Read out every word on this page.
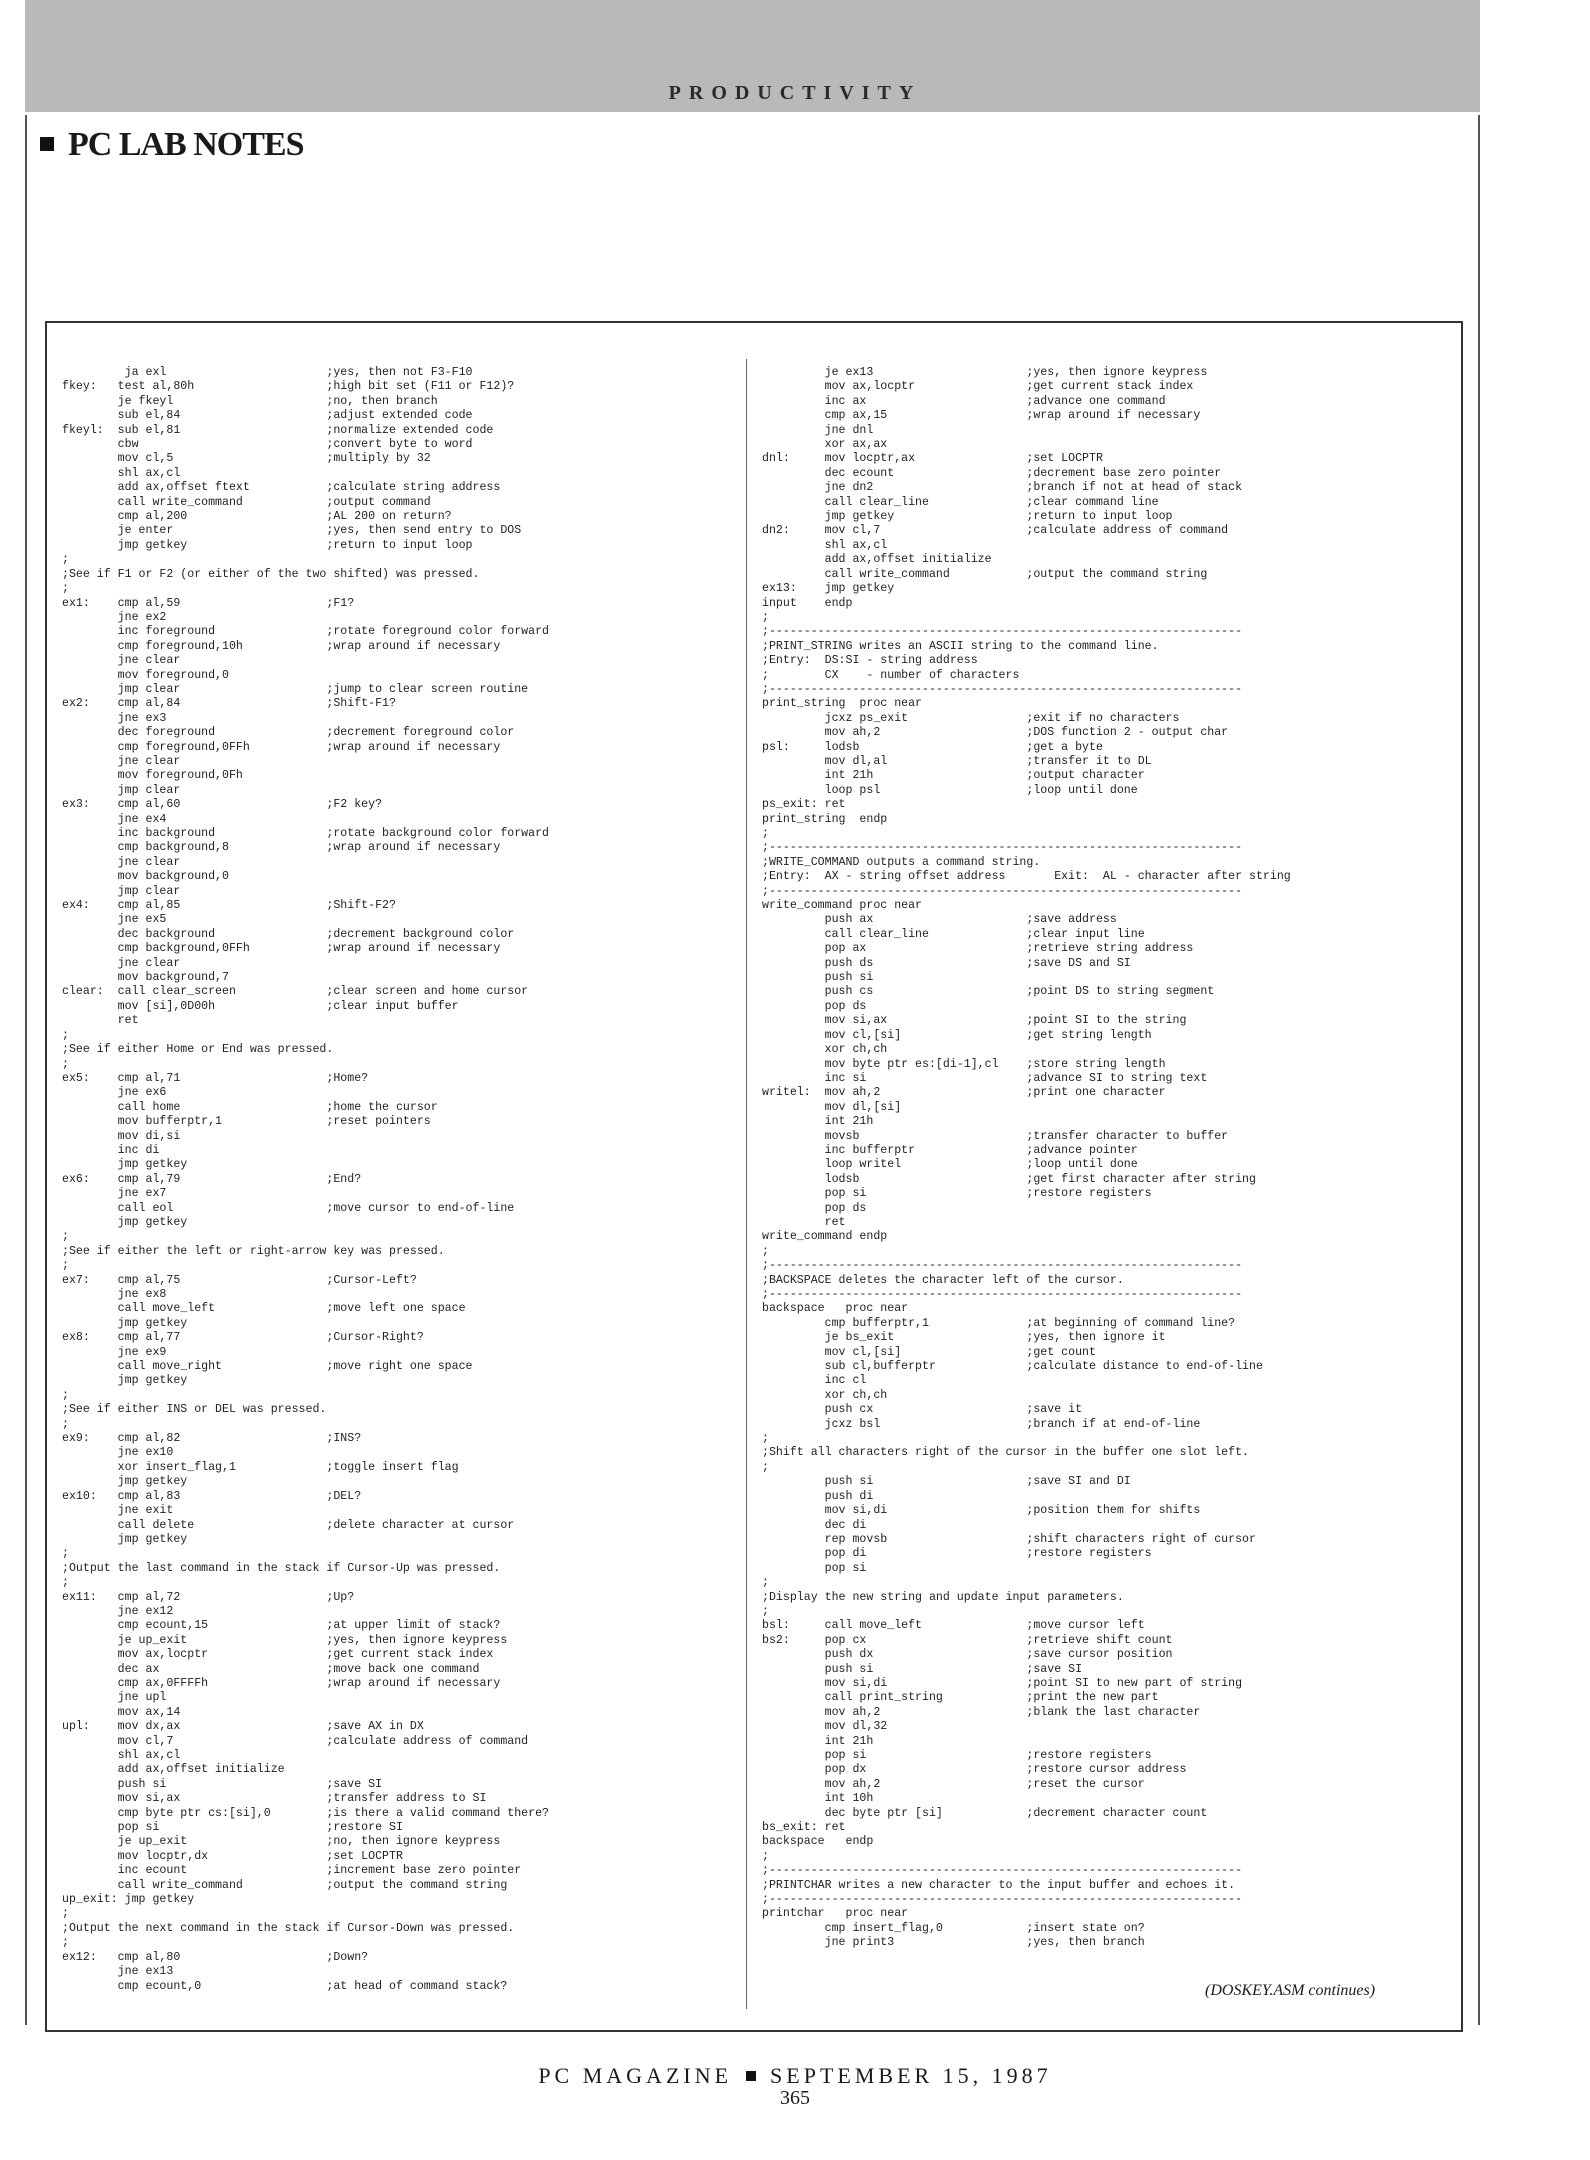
PRODUCTIVITY
PC LAB NOTES
ja exl                       ;yes, then not F3-F10
fkey:   test al,80h                   ;high bit set (F11 or F12)?
je fkeyl                      ;no, then branch
sub el,84                     ;adjust extended code
fkeyl:  sub el,81                     ;normalize extended code
cbw                           ;convert byte to word
mov cl,5                      ;multiply by 32
shl ax,cl
add ax,offset ftext           ;calculate string address
call write_command            ;output command
cmp al,200                    ;AL 200 on return?
je enter                      ;yes, then send entry to DOS
jmp getkey                    ;return to input loop
;
;See if F1 or F2 (or either of the two shifted) was pressed.
;
ex1:    cmp al,59                     ;F1?
jne ex2
inc foreground                ;rotate foreground color forward
cmp foreground,10h            ;wrap around if necessary
jne clear
mov foreground,0
jmp clear                     ;jump to clear screen routine
ex2:    cmp al,84                     ;Shift-F1?
jne ex3
dec foreground                ;decrement foreground color
cmp foreground,0FFh           ;wrap around if necessary
jne clear
mov foreground,0Fh
jmp clear
ex3:    cmp al,60                     ;F2 key?
jne ex4
inc background                ;rotate background color forward
cmp background,8              ;wrap around if necessary
jne clear
mov background,0
jmp clear
ex4:    cmp al,85                     ;Shift-F2?
jne ex5
dec background                ;decrement background color
cmp background,0FFh           ;wrap around if necessary
jne clear
mov background,7
clear:  call clear_screen             ;clear screen and home cursor
mov [si],0D00h                ;clear input buffer
ret
;
;See if either Home or End was pressed.
;
ex5:    cmp al,71                     ;Home?
jne ex6
call home                     ;home the cursor
mov bufferptr,1               ;reset pointers
mov di,si
inc di
jmp getkey
ex6:    cmp al,79                     ;End?
jne ex7
call eol                      ;move cursor to end-of-line
jmp getkey
;
;See if either the left or right-arrow key was pressed.
;
ex7:    cmp al,75                     ;Cursor-Left?
jne ex8
call move_left                ;move left one space
jmp getkey
ex8:    cmp al,77                     ;Cursor-Right?
jne ex9
call move_right               ;move right one space
jmp getkey
;
;See if either INS or DEL was pressed.
;
ex9:    cmp al,82                     ;INS?
jne ex10
xor insert_flag,1             ;toggle insert flag
jmp getkey
ex10:   cmp al,83                     ;DEL?
jne exit
call delete                   ;delete character at cursor
jmp getkey
;
;Output the last command in the stack if Cursor-Up was pressed.
;
ex11:   cmp al,72                     ;Up?
jne ex12
cmp ecount,15                 ;at upper limit of stack?
je up_exit                    ;yes, then ignore keypress
mov ax,locptr                 ;get current stack index
dec ax                        ;move back one command
cmp ax,0FFFFh                 ;wrap around if necessary
jne upl
mov ax,14
upl:    mov dx,ax                     ;save AX in DX
mov cl,7                      ;calculate address of command
shl ax,cl
add ax,offset initialize
push si                       ;save SI
mov si,ax                     ;transfer address to SI
cmp byte ptr cs:[si],0        ;is there a valid command there?
pop si                        ;restore SI
je up_exit                    ;no, then ignore keypress
mov locptr,dx                 ;set LOCPTR
inc ecount                    ;increment base zero pointer
call write_command            ;output the command string
up_exit: jmp getkey
;
;Output the next command in the stack if Cursor-Down was pressed.
;
ex12:   cmp al,80                     ;Down?
jne ex13
cmp ecount,0                  ;at head of command stack?
je ex13                      ;yes, then ignore keypress
mov ax,locptr                ;get current stack index
inc ax                       ;advance one command
cmp ax,15                    ;wrap around if necessary
jne dnl
xor ax,ax
dnl:     mov locptr,ax                ;set LOCPTR
dec ecount                   ;decrement base zero pointer
jne dn2                      ;branch if not at head of stack
call clear_line              ;clear command line
jmp getkey                   ;return to input loop
dn2:     mov cl,7                     ;calculate address of command
shl ax,cl
add ax,offset initialize
call write_command           ;output the command string
ex13:    jmp getkey
input    endp
;
;--------------------------------------------------------------------
;PRINT_STRING writes an ASCII string to the command line.
;Entry:  DS:SI - string address
;        CX    - number of characters
;--------------------------------------------------------------------
print_string  proc near
jcxz ps_exit                 ;exit if no characters
mov ah,2                     ;DOS function 2 - output char
psl:     lodsb                        ;get a byte
mov dl,al                    ;transfer it to DL
int 21h                      ;output character
loop psl                     ;loop until done
ps_exit: ret
print_string  endp
;
;--------------------------------------------------------------------
;WRITE_COMMAND outputs a command string.
;Entry:  AX - string offset address       Exit:  AL - character after string
;--------------------------------------------------------------------
write_command proc near
push ax                      ;save address
call clear_line              ;clear input line
pop ax                       ;retrieve string address
push ds                      ;save DS and SI
push si
push cs                      ;point DS to string segment
pop ds
mov si,ax                    ;point SI to the string
mov cl,[si]                  ;get string length
xor ch,ch
mov byte ptr es:[di-1],cl    ;store string length
inc si                       ;advance SI to string text
writel:  mov ah,2                     ;print one character
mov dl,[si]
int 21h
movsb                        ;transfer character to buffer
inc bufferptr                ;advance pointer
loop writel                  ;loop until done
lodsb                        ;get first character after string
pop si                       ;restore registers
pop ds
ret
write_command endp
;
;--------------------------------------------------------------------
;BACKSPACE deletes the character left of the cursor.
;--------------------------------------------------------------------
backspace   proc near
cmp bufferptr,1              ;at beginning of command line?
je bs_exit                   ;yes, then ignore it
mov cl,[si]                  ;get count
sub cl,bufferptr             ;calculate distance to end-of-line
inc cl
xor ch,ch
push cx                      ;save it
jcxz bsl                     ;branch if at end-of-line
;
;Shift all characters right of the cursor in the buffer one slot left.
;
push si                      ;save SI and DI
push di
mov si,di                    ;position them for shifts
dec di
rep movsb                    ;shift characters right of cursor
pop di                       ;restore registers
pop si
;
;Display the new string and update input parameters.
;
bsl:     call move_left               ;move cursor left
bs2:     pop cx                       ;retrieve shift count
push dx                      ;save cursor position
push si                      ;save SI
mov si,di                    ;point SI to new part of string
call print_string            ;print the new part
mov ah,2                     ;blank the last character
mov dl,32
int 21h
pop si                       ;restore registers
pop dx                       ;restore cursor address
mov ah,2                     ;reset the cursor
int 10h
dec byte ptr [si]            ;decrement character count
bs_exit: ret
backspace   endp
;
;--------------------------------------------------------------------
;PRINTCHAR writes a new character to the input buffer and echoes it.
;--------------------------------------------------------------------
printchar   proc near
cmp insert_flag,0            ;insert state on?
jne print3                   ;yes, then branch
(DOSKEY.ASM continues)
PC MAGAZINE SEPTEMBER 15, 1987
365
